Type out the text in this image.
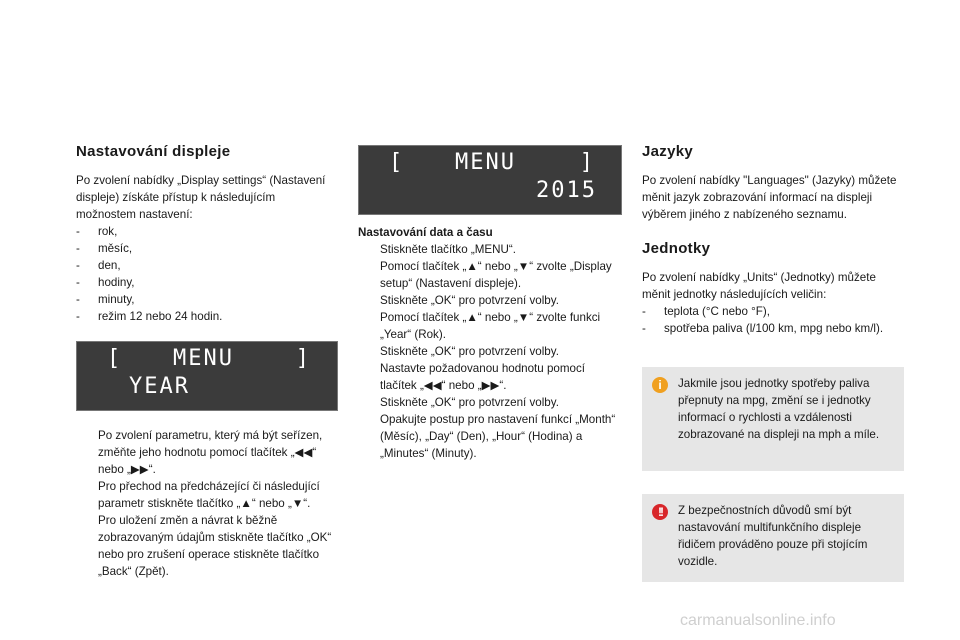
Nastavování displeje

Po zvolení nabídky „Display settings“ (Nastavení displeje) získáte přístup k následujícím možnostem nastavení:

- rok,
- měsíc,
- den,
- hodiny,
- minuty,
- režim 12 nebo 24 hodin.
[ MENU	]
YEAR
Po zvolení parametru, který má být seřízen, změňte jeho hodnotu pomocí tlačítek „◀◀“ nebo „▶▶“.
Pro přechod na předcházející či následující parametr stiskněte tlačítko „▲“ nebo „▼“.
Pro uložení změn a návrat k běžně zobrazovaným údajům stiskněte tlačítko „OK“ nebo pro zrušení operace stiskněte tlačítko „Back“ (Zpět).
[ MENU	]
2015

Nastavování data a času

Stiskněte tlačítko „MENU“.
Pomocí tlačítek „▲“ nebo „▼“ zvolte „Display setup“ (Nastavení displeje).
Stiskněte „OK“ pro potvrzení volby.
Pomocí tlačítek „▲“ nebo „▼“ zvolte funkci „Year“ (Rok).
Stiskněte „OK“ pro potvrzení volby.
Nastavte požadovanou hodnotu pomocí tlačítek „◀◀“ nebo „▶▶“.
Stiskněte „OK“ pro potvrzení volby.
Opakujte postup pro nastavení funkcí „Month“ (Měsíc), „Day“ (Den), „Hour“ (Hodina) a „Minutes“ (Minuty).
Jazyky

Po zvolení nabídky "Languages" (Jazyky) můžete měnit jazyk zobrazování informací na displeji výběrem jiného z nabízeného seznamu.

Jednotky

Po zvolení nabídky „Units“ (Jednotky) můžete měnit jednotky následujících veličin:

- teplota (°C nebo °F),
- spotřeba paliva (l/100 km, mpg nebo km/l).
i	Jakmile jsou jednotky spotřeby paliva přepnuty na mpg, změní se i jednotky informací o rychlosti a vzdálenosti zobrazované na displeji na mph a míle.

!!	Z bezpečnostních důvodů smí být nastavování multifunkčního displeje řidičem prováděno pouze při stojícím vozidle.

carmanualsonline.info
